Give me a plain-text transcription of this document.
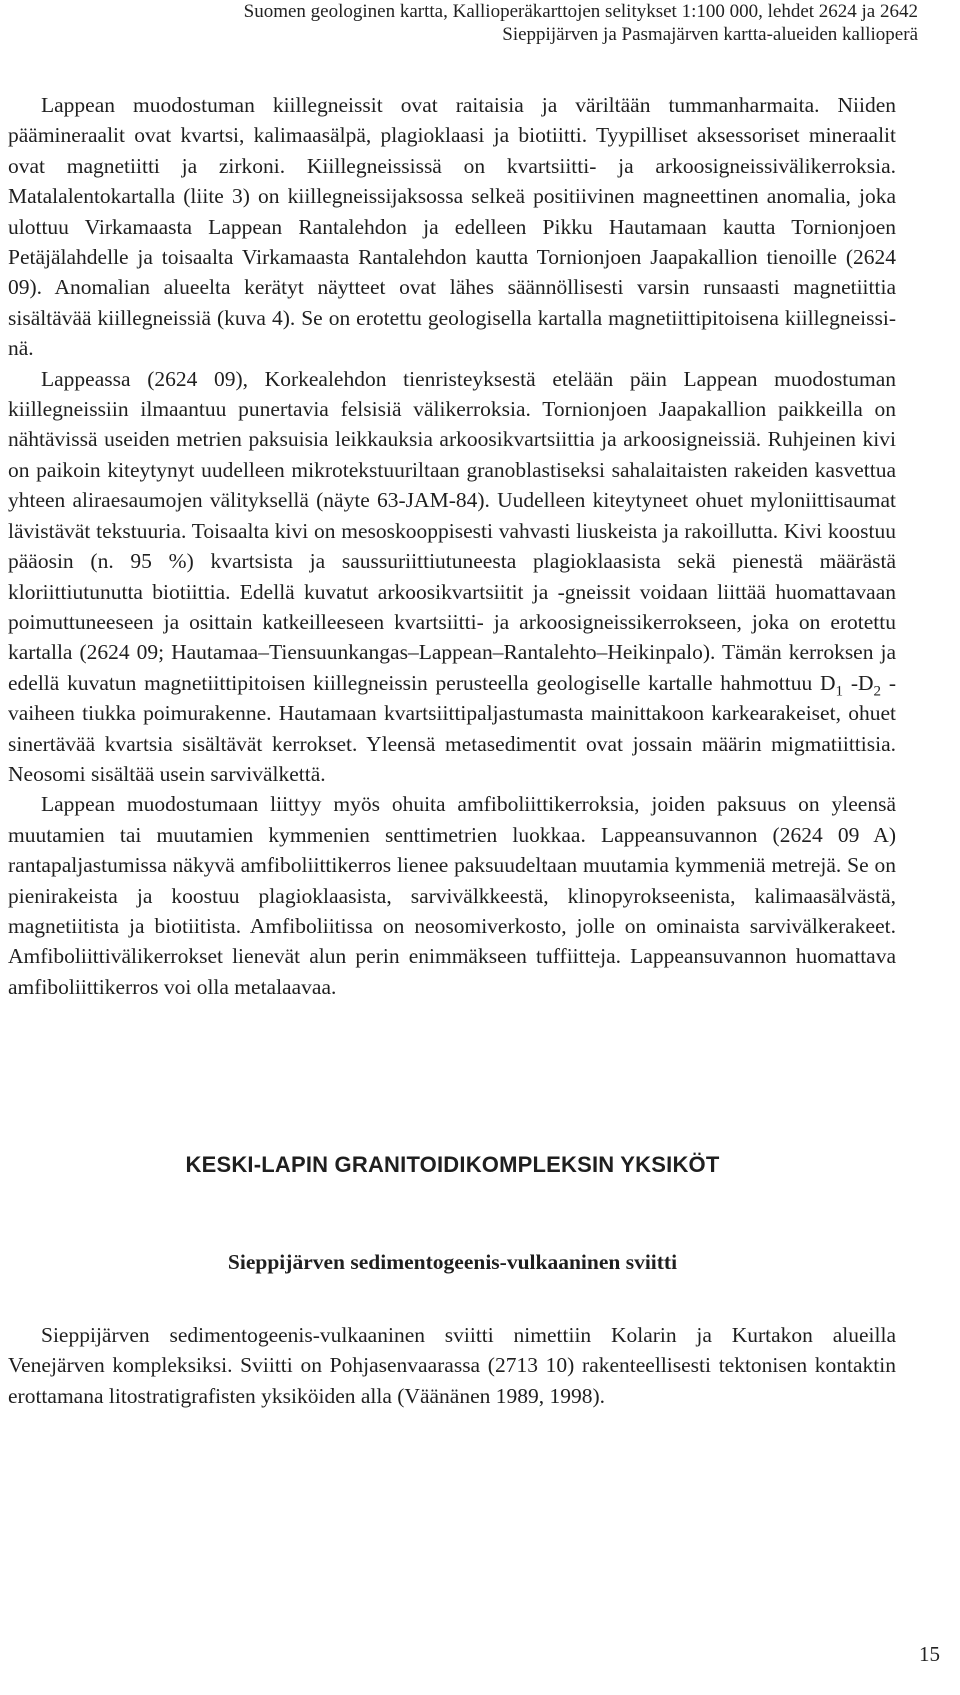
Suomen geologinen kartta, Kallioperäkarttojen selitykset 1:100 000, lehdet 2624 ja 2642
Sieppijärven ja Pasmajärven kartta-alueiden kallioperä

Lappean muodostuman kiillegneissit ovat raitaisia ja väriltään tummanharmaita. Niiden päämineraalit ovat kvartsi, kalimaasälpä, plagioklaasi ja biotiitti. Tyypilliset aksessoriset mineraalit ovat magnetiitti ja zirkoni. Kiillegneississä on kvartsiitti- ja arkoosigneissivälikerroksia. Matalalentokartalla (liite 3) on kiillegneissijaksossa selkeä positiivinen magneettinen anomalia, joka ulottuu Virkamaasta Lappean Rantalehdon ja edelleen Pikku Hautamaan kautta Tornionjoen Petäjälahdelle ja toisaalta Virkamaasta Rantalehdon kautta Tornionjoen Jaapakallion tienoille (2624 09). Anomalian alueelta kerätyt näytteet ovat lähes säännöllisesti varsin runsaasti magnetiittia sisältävää kiillegneissiä (kuva 4). Se on erotettu geologisella kartalla magnetiittipitoisena kiillegneissinä.

Lappeassa (2624 09), Korkealehdon tienristeyksestä etelään päin Lappean muodostuman kiillegneissiin ilmaantuu punertavia felsisiä välikerroksia. Tornionjoen Jaapakallion paikkeilla on nähtävissä useiden metrien paksuisia leikkauksia arkoosikvartsiittia ja arkoosigneissiä. Ruhjeinen kivi on paikoin kiteytynyt uudelleen mikrotekstuuriltaan granoblastiseksi sahalaitaisten rakeiden kasvettua yhteen aliraesaumojen välityksellä (näyte 63-JAM-84). Uudelleen kiteytyneet ohuet myloniittisaumat lävistävät tekstuuria. Toisaalta kivi on mesoskooppisesti vahvasti liuskeista ja rakoillutta. Kivi koostuu pääosin (n. 95 %) kvartsista ja saussuriittiutuneesta plagioklaasista sekä pienestä määrästä kloriittiutunutta biotiittia. Edellä kuvatut arkoosikvartsiitit ja -gneissit voidaan liittää huomattavaan poimuttuneeseen ja osittain katkeilleeseen kvartsiitti- ja arkoosigneissikerrokseen, joka on erotettu kartalla (2624 09; Hautamaa–Tiensuunkangas–Lappean–Rantalehto–Heikinpalo). Tämän kerroksen ja edellä kuvatun magnetiittipitoisen kiillegneissin perusteella geologiselle kartalle hahmottuu $D_1$ $-D_2$ - vaiheen tiukka poimurakenne. Hautamaan kvartsiittipaljastumasta mainittakoon karkearakeiset, ohuet sinertävää kvartsia sisältävät kerrokset. Yleensä metasedimentit ovat jossain määrin migmatiittisia. Neosomi sisältää usein sarvivälkettä.

Lappean muodostumaan liittyy myös ohuita amfiboliittikerroksia, joiden paksuus on yleensä muutamien tai muutamien kymmenien senttimetrien luokkaa. Lappeansuvannon (2624 09 A) rantapaljastumissa näkyvä amfiboliittikerros lienee paksuudeltaan muutamia kymmeniä metrejä. Se on pienirakeista ja koostuu plagioklaasista, sarvivälkkeestä, klinopyrokseenista, kalimaasälvästä, magnetiitista ja biotiitista. Amfiboliitissa on neosomiverkosto, jolle on ominaista sarvivälkerakeet. Amfiboliittivälikerrokset lienevät alun perin enimmäkseen tuffiitteja. Lappeansuvannon huomattava amfiboliittikerros voi olla metalaavaa.

KESKI-LAPIN GRANITOIDIKOMPLEKSIN YKSIKÖT
Sieppijärven sedimentogeenis-vulkaaninen sviitti

Sieppijärven sedimentogeenis-vulkaaninen sviitti nimettiin Kolarin ja Kurtakon alueilla Venejärven kompleksiksi. Sviitti on Pohjasenvaarassa (2713 10) rakenteellisesti tektonisen kontaktin erottamana litostratigrafisten yksiköiden alla (Väänänen 1989, 1998).

15
